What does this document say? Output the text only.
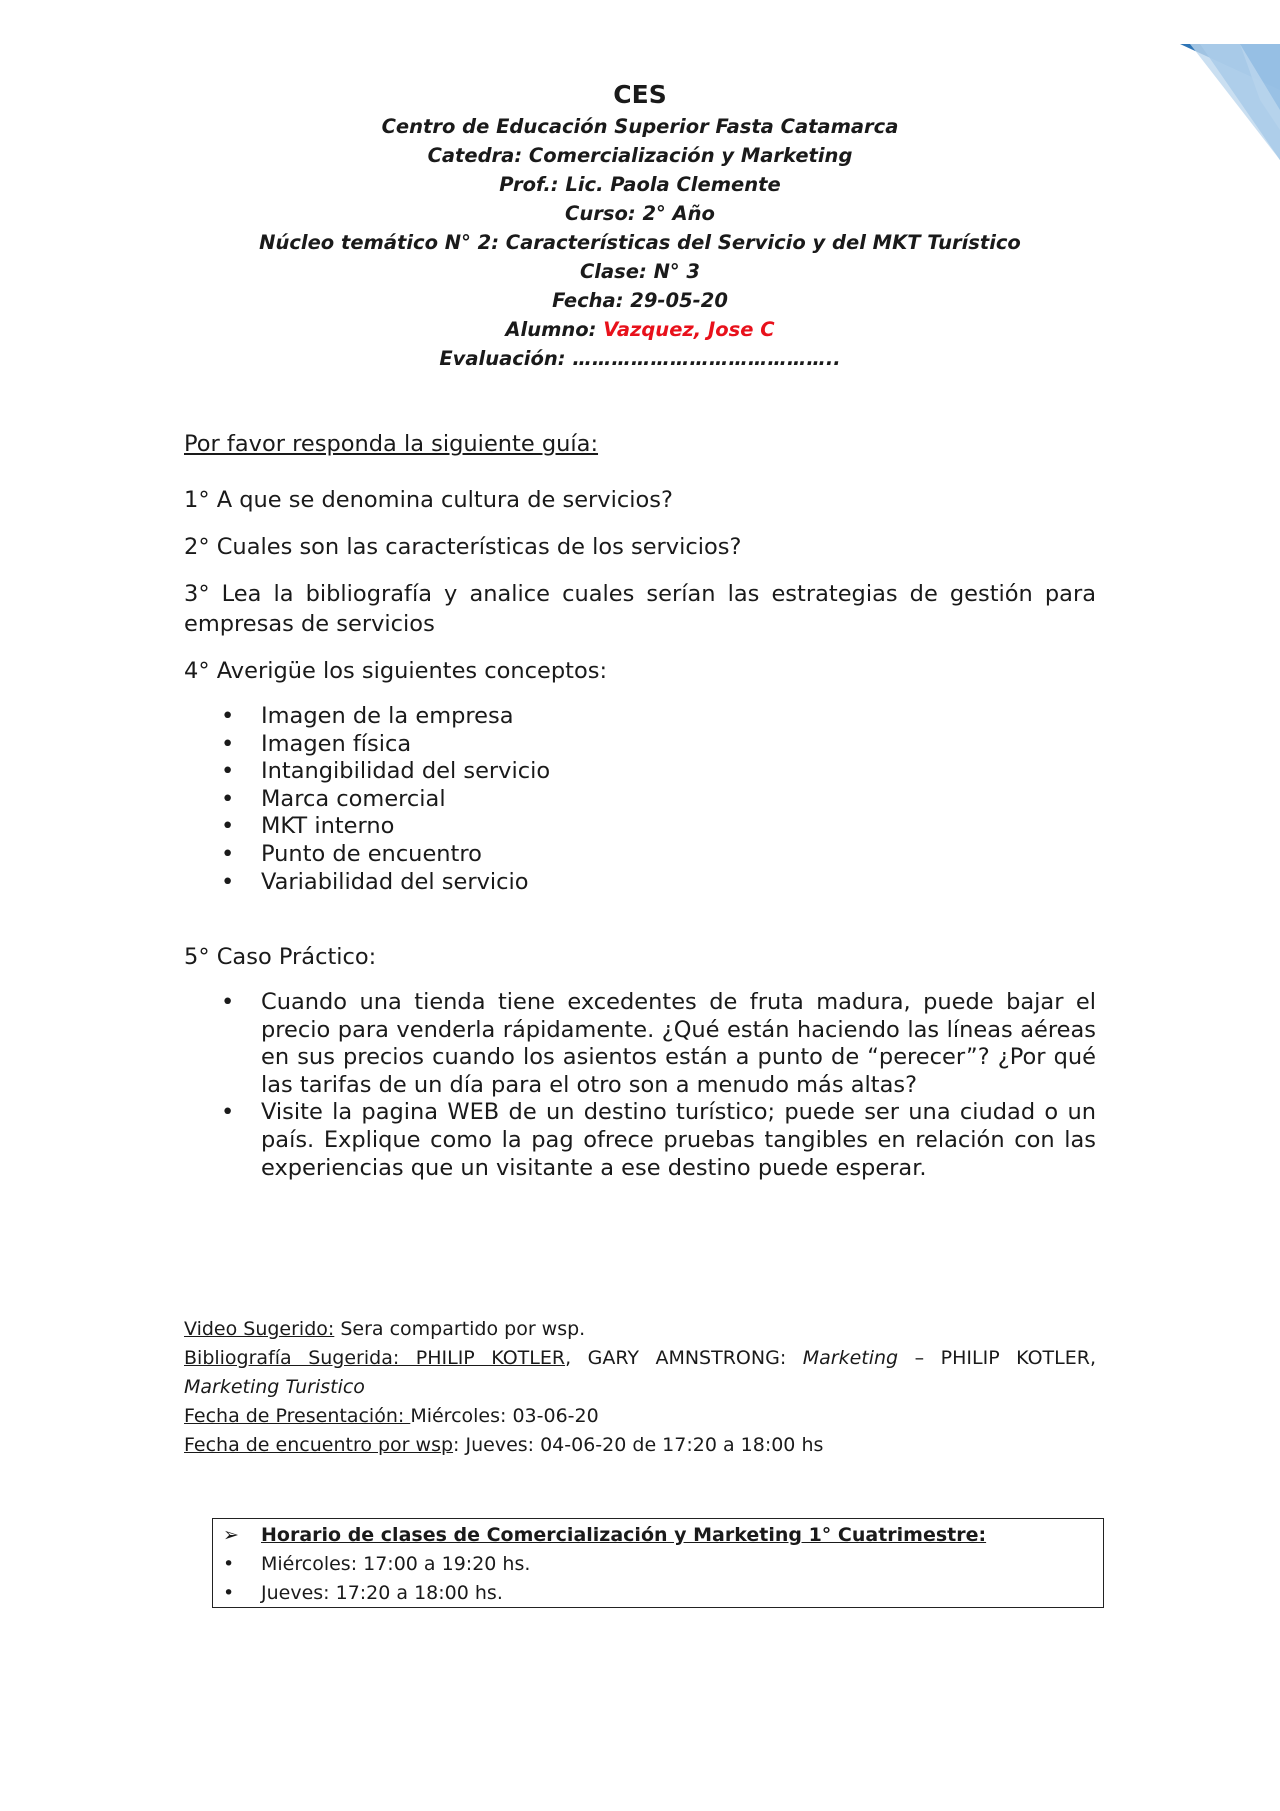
CES
Centro de Educación Superior Fasta Catamarca
Catedra: Comercialización y Marketing
Prof.: Lic. Paola Clemente
Curso: 2° Año
Núcleo temático N° 2: Características del Servicio y del MKT Turístico
Clase: N° 3
Fecha: 29-05-20
Alumno: Vazquez, Jose C
Evaluación: …………………………………..
Por favor responda la siguiente guía:
1° A que se denomina cultura de servicios?
2° Cuales son las características de los servicios?
3° Lea la bibliografía y analice cuales serían las estrategias de gestión para empresas de servicios
4° Averigüe los siguientes conceptos:
• Imagen de la empresa
• Imagen física
• Intangibilidad del servicio
• Marca comercial
• MKT interno
• Punto de encuentro
• Variabilidad del servicio
5° Caso Práctico:
• Cuando una tienda tiene excedentes de fruta madura, puede bajar el precio para venderla rápidamente. ¿Qué están haciendo las líneas aéreas en sus precios cuando los asientos están a punto de “perecer”? ¿Por qué las tarifas de un día para el otro son a menudo más altas?
• Visite la pagina WEB de un destino turístico; puede ser una ciudad o un país. Explique como la pag ofrece pruebas tangibles en relación con las experiencias que un visitante a ese destino puede esperar.
Video Sugerido: Sera compartido por wsp.
Bibliografía Sugerida: PHILIP KOTLER, GARY AMNSTRONG: Marketing – PHILIP KOTLER,
Marketing Turistico
Fecha de Presentación: Miércoles: 03-06-20
Fecha de encuentro por wsp: Jueves: 04-06-20 de 17:20 a 18:00 hs
➢ Horario de clases de Comercialización y Marketing 1° Cuatrimestre:
• Miércoles: 17:00 a 19:20 hs.
• Jueves: 17:20 a 18:00 hs.
